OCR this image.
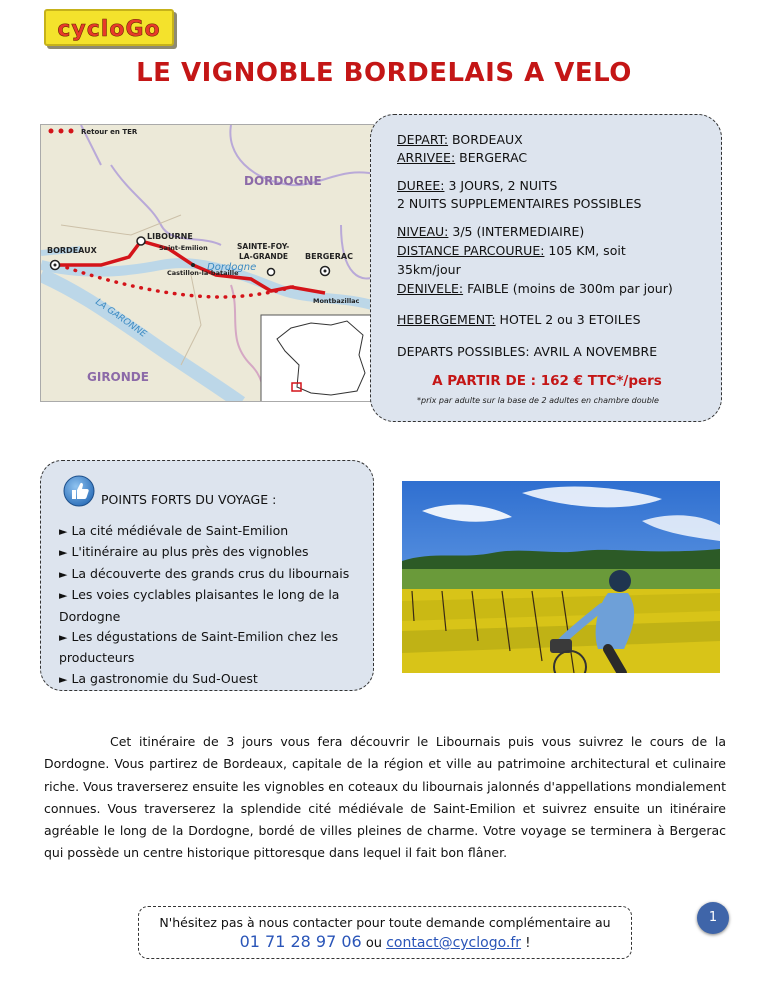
cycloGo
LE VIGNOBLE BORDELAIS A VELO
Retour en TER
DORDOGNE
GIRONDE
Dordogne
LA GARONNE
BORDEAUX
LIBOURNE
Saint-Emilion
Castillon-la-bataille
SAINTE-FOY-
LA-GRANDE BERGERAC
Montbazillac
DEPART: BORDEAUX
ARRIVEE: BERGERAC
DUREE: 3 JOURS, 2 NUITS
2 NUITS SUPPLEMENTAIRES POSSIBLES
NIVEAU: 3/5 (INTERMEDIAIRE)
DISTANCE PARCOURUE: 105 KM, soit
35km/jour
DENIVELE: FAIBLE (moins de 300m par jour)
HEBERGEMENT: HOTEL 2 ou 3 ETOILES
DEPARTS POSSIBLES: AVRIL A NOVEMBRE
A PARTIR DE : 162 € TTC*/pers
*prix par adulte sur la base de 2 adultes en chambre double
POINTS FORTS DU VOYAGE :
► La cité médiévale de Saint-Emilion
► L'itinéraire au plus près des vignobles
► La découverte des grands crus du libournais
► Les voies cyclables plaisantes le long de la Dordogne
► Les dégustations de Saint-Emilion chez les producteurs
► La gastronomie du Sud-Ouest

Cet itinéraire de 3 jours vous fera découvrir le Libournais puis vous suivrez le cours de la Dordogne. Vous partirez de Bordeaux, capitale de la région et ville au patrimoine architectural et culinaire riche. Vous traverserez ensuite les vignobles en coteaux du libournais jalonnés d'appellations mondialement connues. Vous traverserez la splendide cité médiévale de Saint-Emilion et suivrez ensuite un itinéraire agréable le long de la Dordogne, bordé de villes pleines de charme. Votre voyage se terminera à Bergerac qui possède un centre historique pittoresque dans lequel il fait bon flâner.

N'hésitez pas à nous contacter pour toute demande complémentaire au
01 71 28 97 06 ou contact@cyclogo.fr !
1
